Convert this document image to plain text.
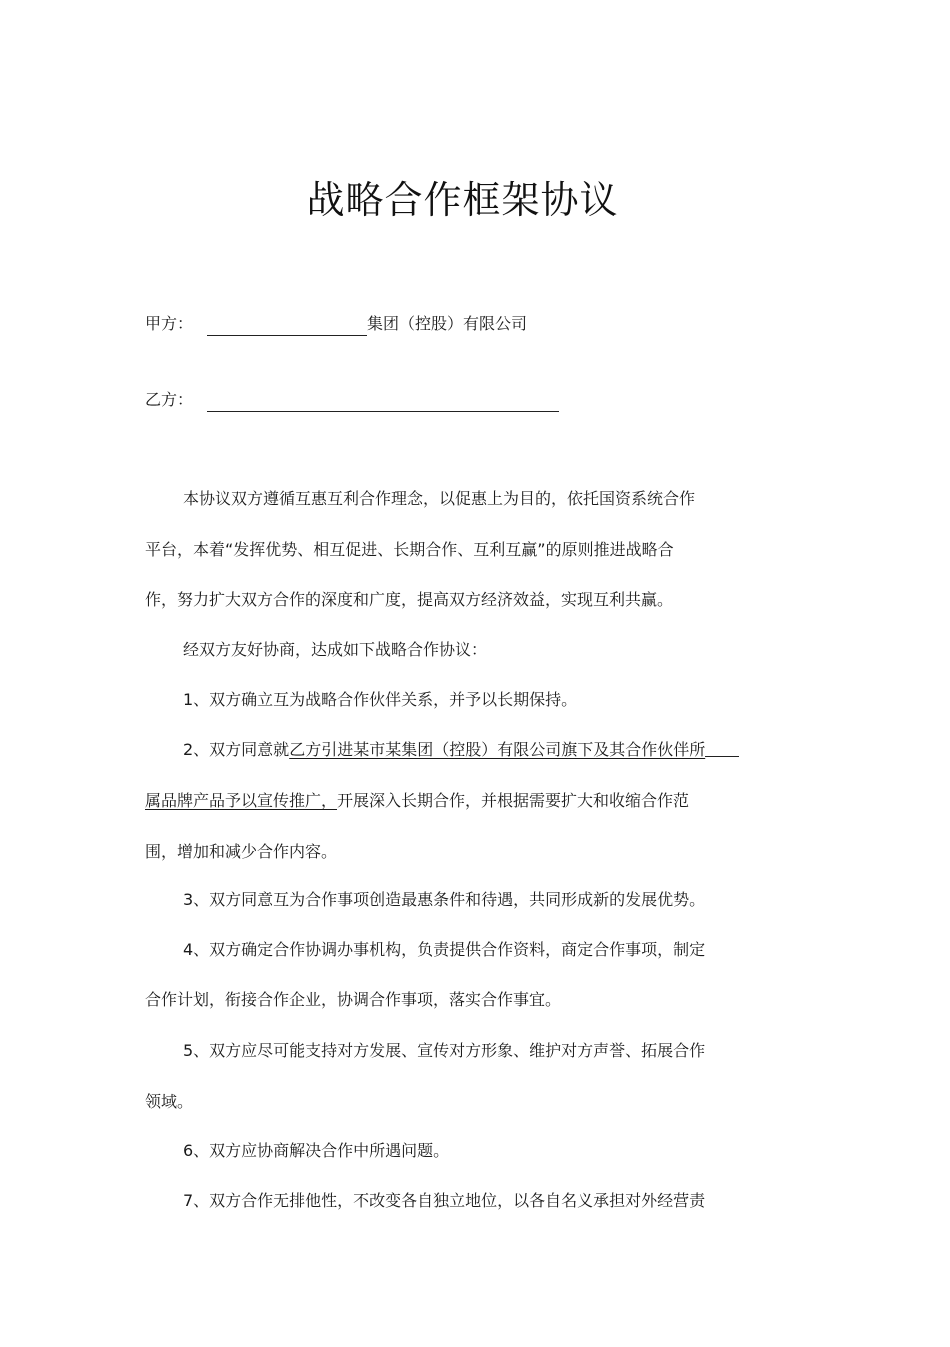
战略合作框架协议
甲方：	集团（控股）有限公司
乙方：
本协议双方遵循互惠互利合作理念，以促惠上为目的，依托国资系统合作
平台，本着“发挥优势、相互促进、长期合作、互利互赢”的原则推进战略合
作，努力扩大双方合作的深度和广度，提高双方经济效益，实现互利共赢。
经双方友好协商，达成如下战略合作协议：
1、双方确立互为战略合作伙伴关系，并予以长期保持。
2、双方同意就乙方引进某市某集团（控股）有限公司旗下及其合作伙伴所
属品牌产品予以宣传推广，开展深入长期合作，并根据需要扩大和收缩合作范
围，增加和减少合作内容。
3、双方同意互为合作事项创造最惠条件和待遇，共同形成新的发展优势。
4、双方确定合作协调办事机构，负责提供合作资料，商定合作事项，制定
合作计划，衔接合作企业，协调合作事项，落实合作事宜。
5、双方应尽可能支持对方发展、宣传对方形象、维护对方声誉、拓展合作
领域。
6、双方应协商解决合作中所遇问题。
7、双方合作无排他性，不改变各自独立地位，以各自名义承担对外经营责
